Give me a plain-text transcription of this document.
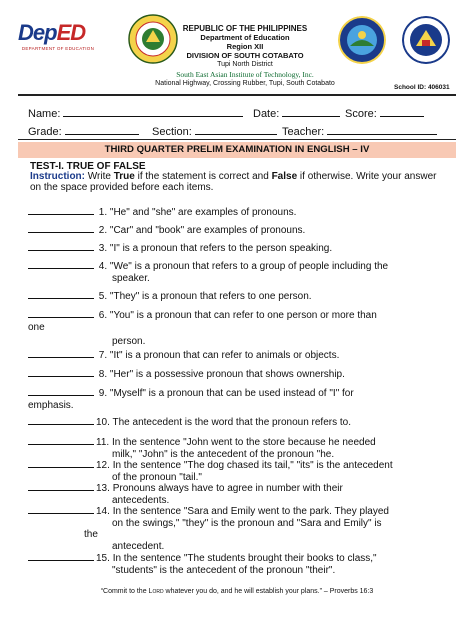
DepED
DEPARTMENT OF EDUCATION
REPUBLIC OF THE PHILIPPINES
Department of Education
Region XII
DIVISION OF SOUTH COTABATO
Tupi North District
South East Asian Institute of Technology, Inc.
National Highway, Crossing Rubber, Tupi, South Cotabato
School ID: 406031
Name:	Date:	Score:
Grade:	Section:	Teacher:
THIRD QUARTER PRELIM EXAMINATION IN ENGLISH – IV
TEST-I. TRUE OF FALSE
Instruction: Write True if the statement is correct and False if otherwise. Write your answer on the space provided before each items.
1. "He" and "she" are examples of pronouns.
2. "Car" and "book" are examples of pronouns.
3. "I" is a pronoun that refers to the person speaking.
4. "We" is a pronoun that refers to a group of people including the
speaker.
5. "They" is a pronoun that refers to one person.
6. "You" is a pronoun that can refer to one person or more than
one
person.
7. "It" is a pronoun that can refer to animals or objects.
8. "Her" is a possessive pronoun that shows ownership.
9. "Myself" is a pronoun that can be used instead of "I" for
emphasis.
10. The antecedent is the word that the pronoun refers to.
11. In the sentence "John went to the store because he needed
milk," "John" is the antecedent of the pronoun "he.
12. In the sentence "The dog chased its tail," "its" is the antecedent
of the pronoun "tail."
13. Pronouns always have to agree in number with their
antecedents.
14. In the sentence "Sara and Emily went to the park. They played
on the swings," "they" is the pronoun and "Sara and Emily" is
the
antecedent.
15. In the sentence "The students brought their books to class,"
"students" is the antecedent of the pronoun "their".
“Commit to the Lord whatever you do, and he will establish your plans.” – Proverbs 16:3
